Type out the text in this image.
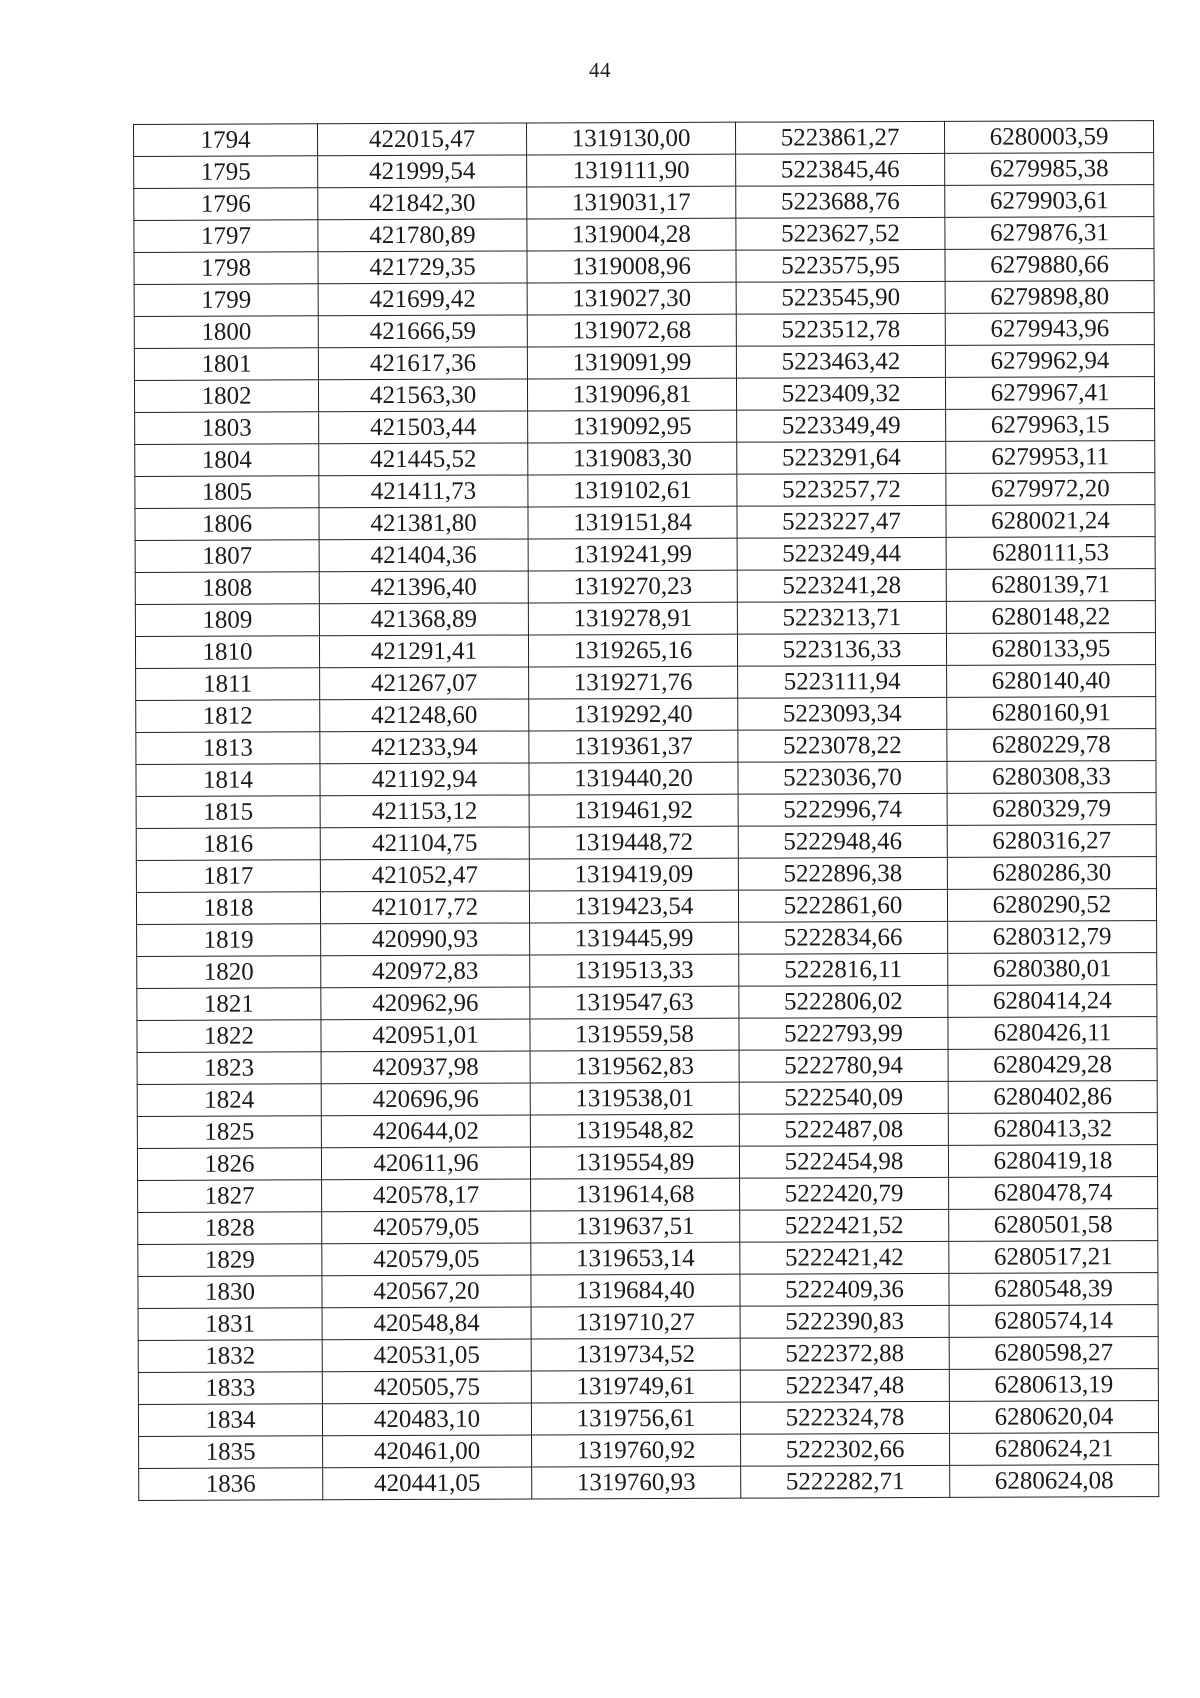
44
1794	422015,47	1319130,00	5223861,27	6280003,59
1795	421999,54	1319111,90	5223845,46	6279985,38
1796	421842,30	1319031,17	5223688,76	6279903,61
1797	421780,89	1319004,28	5223627,52	6279876,31
1798	421729,35	1319008,96	5223575,95	6279880,66
1799	421699,42	1319027,30	5223545,90	6279898,80
1800	421666,59	1319072,68	5223512,78	6279943,96
1801	421617,36	1319091,99	5223463,42	6279962,94
1802	421563,30	1319096,81	5223409,32	6279967,41
1803	421503,44	1319092,95	5223349,49	6279963,15
1804	421445,52	1319083,30	5223291,64	6279953,11
1805	421411,73	1319102,61	5223257,72	6279972,20
1806	421381,80	1319151,84	5223227,47	6280021,24
1807	421404,36	1319241,99	5223249,44	6280111,53
1808	421396,40	1319270,23	5223241,28	6280139,71
1809	421368,89	1319278,91	5223213,71	6280148,22
1810	421291,41	1319265,16	5223136,33	6280133,95
1811	421267,07	1319271,76	5223111,94	6280140,40
1812	421248,60	1319292,40	5223093,34	6280160,91
1813	421233,94	1319361,37	5223078,22	6280229,78
1814	421192,94	1319440,20	5223036,70	6280308,33
1815	421153,12	1319461,92	5222996,74	6280329,79
1816	421104,75	1319448,72	5222948,46	6280316,27
1817	421052,47	1319419,09	5222896,38	6280286,30
1818	421017,72	1319423,54	5222861,60	6280290,52
1819	420990,93	1319445,99	5222834,66	6280312,79
1820	420972,83	1319513,33	5222816,11	6280380,01
1821	420962,96	1319547,63	5222806,02	6280414,24
1822	420951,01	1319559,58	5222793,99	6280426,11
1823	420937,98	1319562,83	5222780,94	6280429,28
1824	420696,96	1319538,01	5222540,09	6280402,86
1825	420644,02	1319548,82	5222487,08	6280413,32
1826	420611,96	1319554,89	5222454,98	6280419,18
1827	420578,17	1319614,68	5222420,79	6280478,74
1828	420579,05	1319637,51	5222421,52	6280501,58
1829	420579,05	1319653,14	5222421,42	6280517,21
1830	420567,20	1319684,40	5222409,36	6280548,39
1831	420548,84	1319710,27	5222390,83	6280574,14
1832	420531,05	1319734,52	5222372,88	6280598,27
1833	420505,75	1319749,61	5222347,48	6280613,19
1834	420483,10	1319756,61	5222324,78	6280620,04
1835	420461,00	1319760,92	5222302,66	6280624,21
1836	420441,05	1319760,93	5222282,71	6280624,08
